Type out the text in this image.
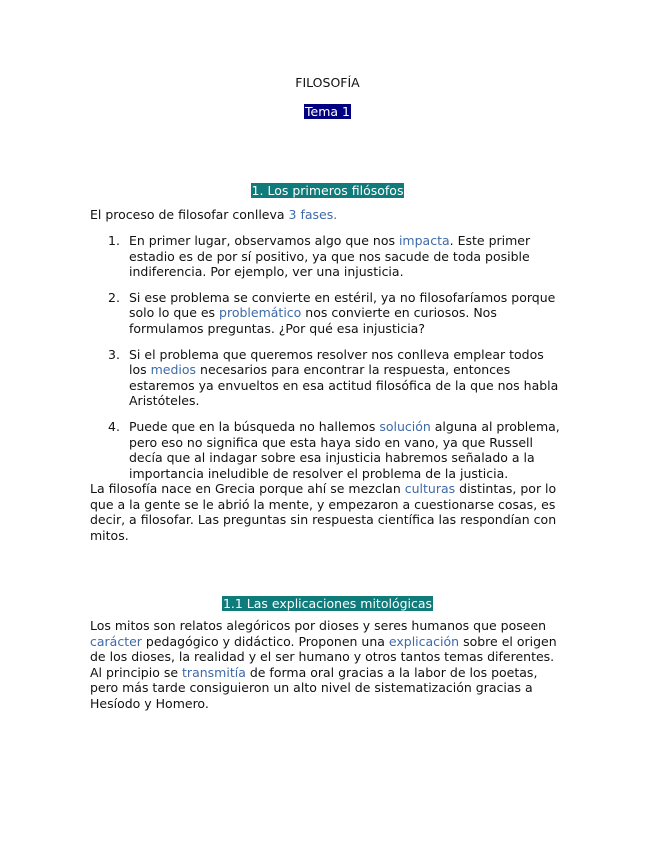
FILOSOFÍA
Tema 1
1. Los primeros filósofos

El proceso de filosofar conlleva 3 fases.

1. En primer lugar, observamos algo que nos impacta. Este primer estadio es de por sí positivo, ya que nos sacude de toda posible indiferencia. Por ejemplo, ver una injusticia.
2. Si ese problema se convierte en estéril, ya no filosofaríamos porque solo lo que es problemático nos convierte en curiosos. Nos formulamos preguntas. ¿Por qué esa injusticia?
3. Si el problema que queremos resolver nos conlleva emplear todos los medios necesarios para encontrar la respuesta, entonces estaremos ya envueltos en esa actitud filosófica de la que nos habla Aristóteles.
4. Puede que en la búsqueda no hallemos solución alguna al problema, pero eso no significa que esta haya sido en vano, ya que Russell decía que al indagar sobre esa injusticia habremos señalado a la importancia ineludible de resolver el problema de la justicia.

La filosofía nace en Grecia porque ahí se mezclan culturas distintas, por lo que a la gente se le abrió la mente, y empezaron a cuestionarse cosas, es decir, a filosofar. Las preguntas sin respuesta científica las respondían con mitos.

1.1 Las explicaciones mitológicas

Los mitos son relatos alegóricos por dioses y seres humanos que poseen carácter pedagógico y didáctico. Proponen una explicación sobre el origen de los dioses, la realidad y el ser humano y otros tantos temas diferentes. Al principio se transmitía de forma oral gracias a la labor de los poetas, pero más tarde consiguieron un alto nivel de sistematización gracias a Hesíodo y Homero.
